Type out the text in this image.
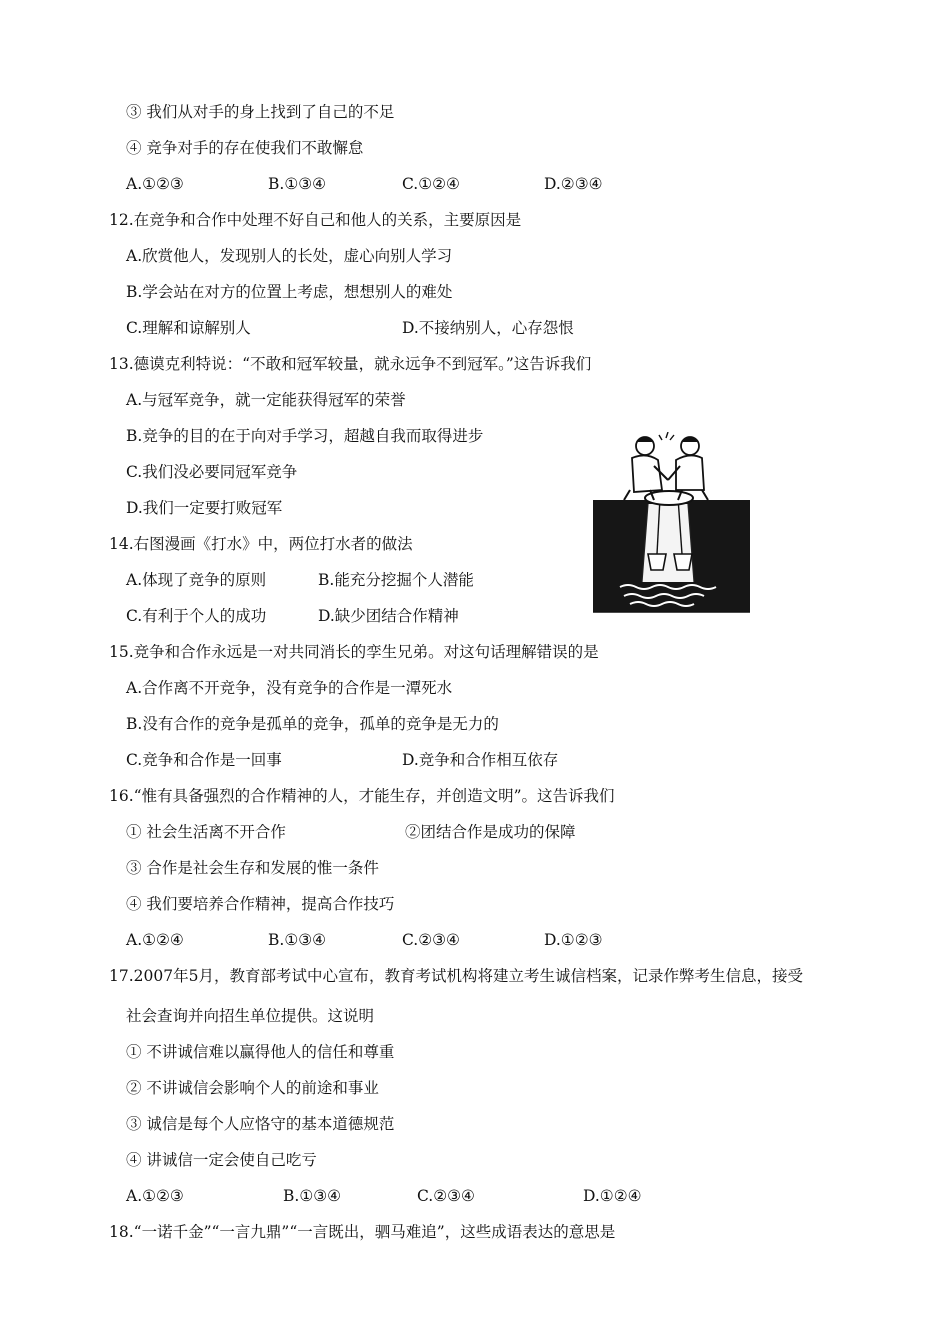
③ 我们从对手的身上找到了自己的不足
④ 竞争对手的存在使我们不敢懈怠
A.①②③	B.①③④	C.①②④	D.②③④
12.在竞争和合作中处理不好自己和他人的关系，主要原因是
A.欣赏他人，发现别人的长处，虚心向别人学习
B.学会站在对方的位置上考虑，想想别人的难处
C.理解和谅解别人	D.不接纳别人，心存怨恨
13.德谟克利特说：“不敢和冠军较量，就永远争不到冠军。”这告诉我们
A.与冠军竞争，就一定能获得冠军的荣誉
B.竞争的目的在于向对手学习，超越自我而取得进步
C.我们没必要同冠军竞争
D.我们一定要打败冠军
14.右图漫画《打水》中，两位打水者的做法
A.体现了竞争的原则	B.能充分挖掘个人潜能
C.有利于个人的成功	D.缺少团结合作精神
15.竞争和合作永远是一对共同消长的孪生兄弟。对这句话理解错误的是
A.合作离不开竞争，没有竞争的合作是一潭死水
B.没有合作的竞争是孤单的竞争，孤单的竞争是无力的
C.竞争和合作是一回事	D.竞争和合作相互依存
16.“惟有具备强烈的合作精神的人，才能生存，并创造文明”。这告诉我们
① 社会生活离不开合作	②团结合作是成功的保障
③ 合作是社会生存和发展的惟一条件
④ 我们要培养合作精神，提高合作技巧
A.①②④	B.①③④	C.②③④	D.①②③
17.2007年5月，教育部考试中心宣布，教育考试机构将建立考生诚信档案，记录作弊考生信息，接受
社会查询并向招生单位提供。这说明
① 不讲诚信难以赢得他人的信任和尊重
② 不讲诚信会影响个人的前途和事业
③ 诚信是每个人应恪守的基本道德规范
④ 讲诚信一定会使自己吃亏
A.①②③	B.①③④	C.②③④	D.①②④
18.“一诺千金”“一言九鼎”“一言既出，驷马难追”，这些成语表达的意思是
